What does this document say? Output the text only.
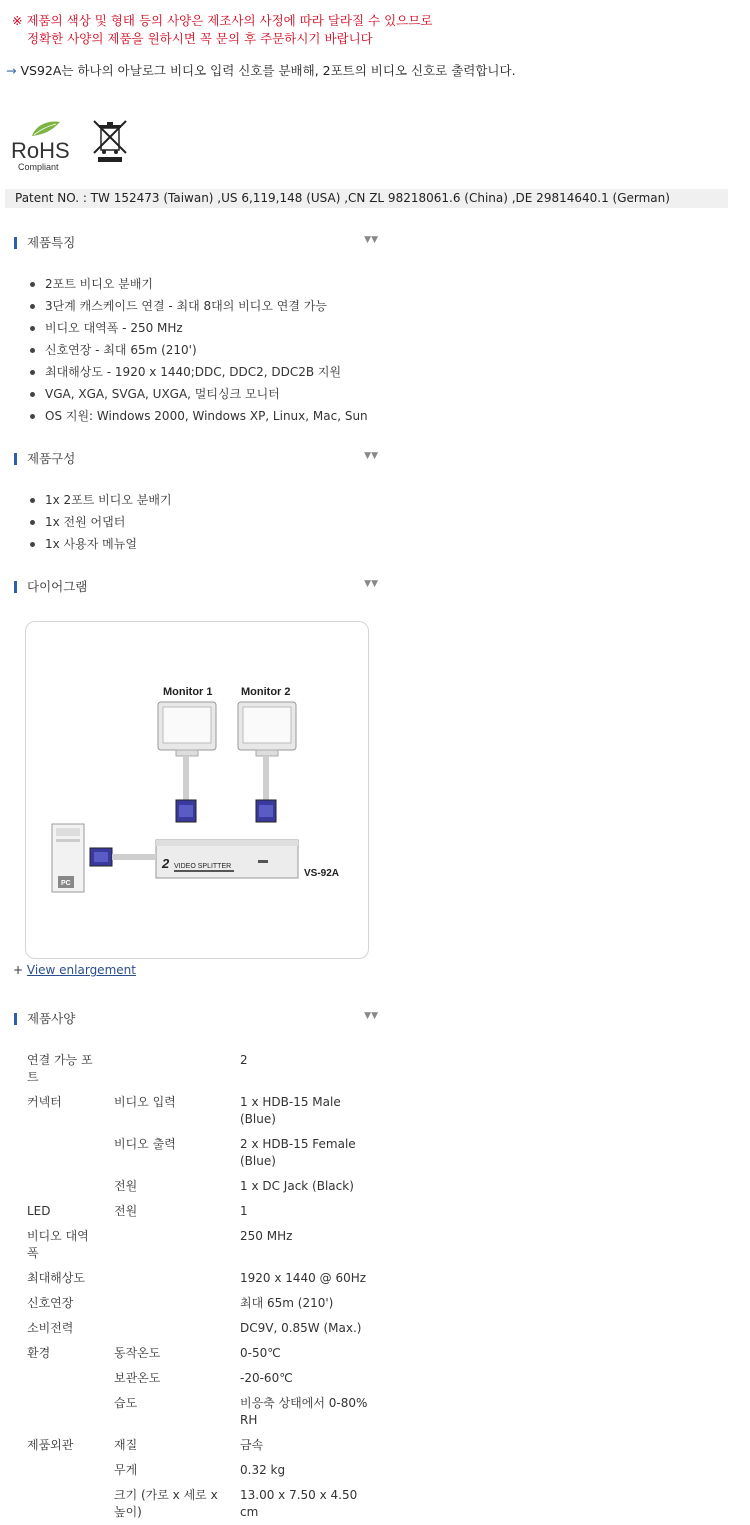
※ 제품의 색상 및 형태 등의 사양은 제조사의 사정에 따라 달라질 수 있으므로
정확한 사양의 제품을 원하시면 꼭 문의 후 주문하시기 바랍니다
→ VS92A는 하나의 아날로그 비디오 입력 신호를 분배해, 2포트의 비디오 신호로 출력합니다.
RoHS
Compliant
Patent NO. : TW 152473 (Taiwan) ,US 6,119,148 (USA) ,CN ZL 98218061.6 (China) ,DE 29814640.1 (German)
제품특징	▼▼
2포트 비디오 분배기
3단계 캐스케이드 연결 - 최대 8대의 비디오 연결 가능
비디오 대역폭 - 250 MHz
신호연장 - 최대 65m (210')
최대해상도 - 1920 x 1440;DDC, DDC2, DDC2B 지원
VGA, XGA, SVGA, UXGA, 멀티싱크 모니터
OS 지원: Windows 2000, Windows XP, Linux, Mac, Sun
제품구성	▼▼
1x 2포트 비디오 분배기
1x 전원 어댑터
1x 사용자 메뉴얼
다이어그램	▼▼
Monitor 1	Monitor 2
2 VIDEO SPLITTER
VS-92A
PC
+ View enlargement
제품사양	▼▼
연결 가능 포트		2
커넥터	비디오 입력	1 x HDB-15 Male (Blue)
	비디오 출력	2 x HDB-15 Female (Blue)
	전원	1 x DC Jack (Black)
LED	전원	1
비디오 대역폭		250 MHz
최대해상도		1920 x 1440 @ 60Hz
신호연장		최대 65m (210')
소비전력		DC9V, 0.85W (Max.)
환경	동작온도	0-50℃
	보관온도	-20-60℃
	습도	비응축 상태에서 0-80% RH
제품외관	재질	금속
	무게	0.32 kg
	크기 (가로 x 세로 x 높이)	13.00 x 7.50 x 4.50 cm
